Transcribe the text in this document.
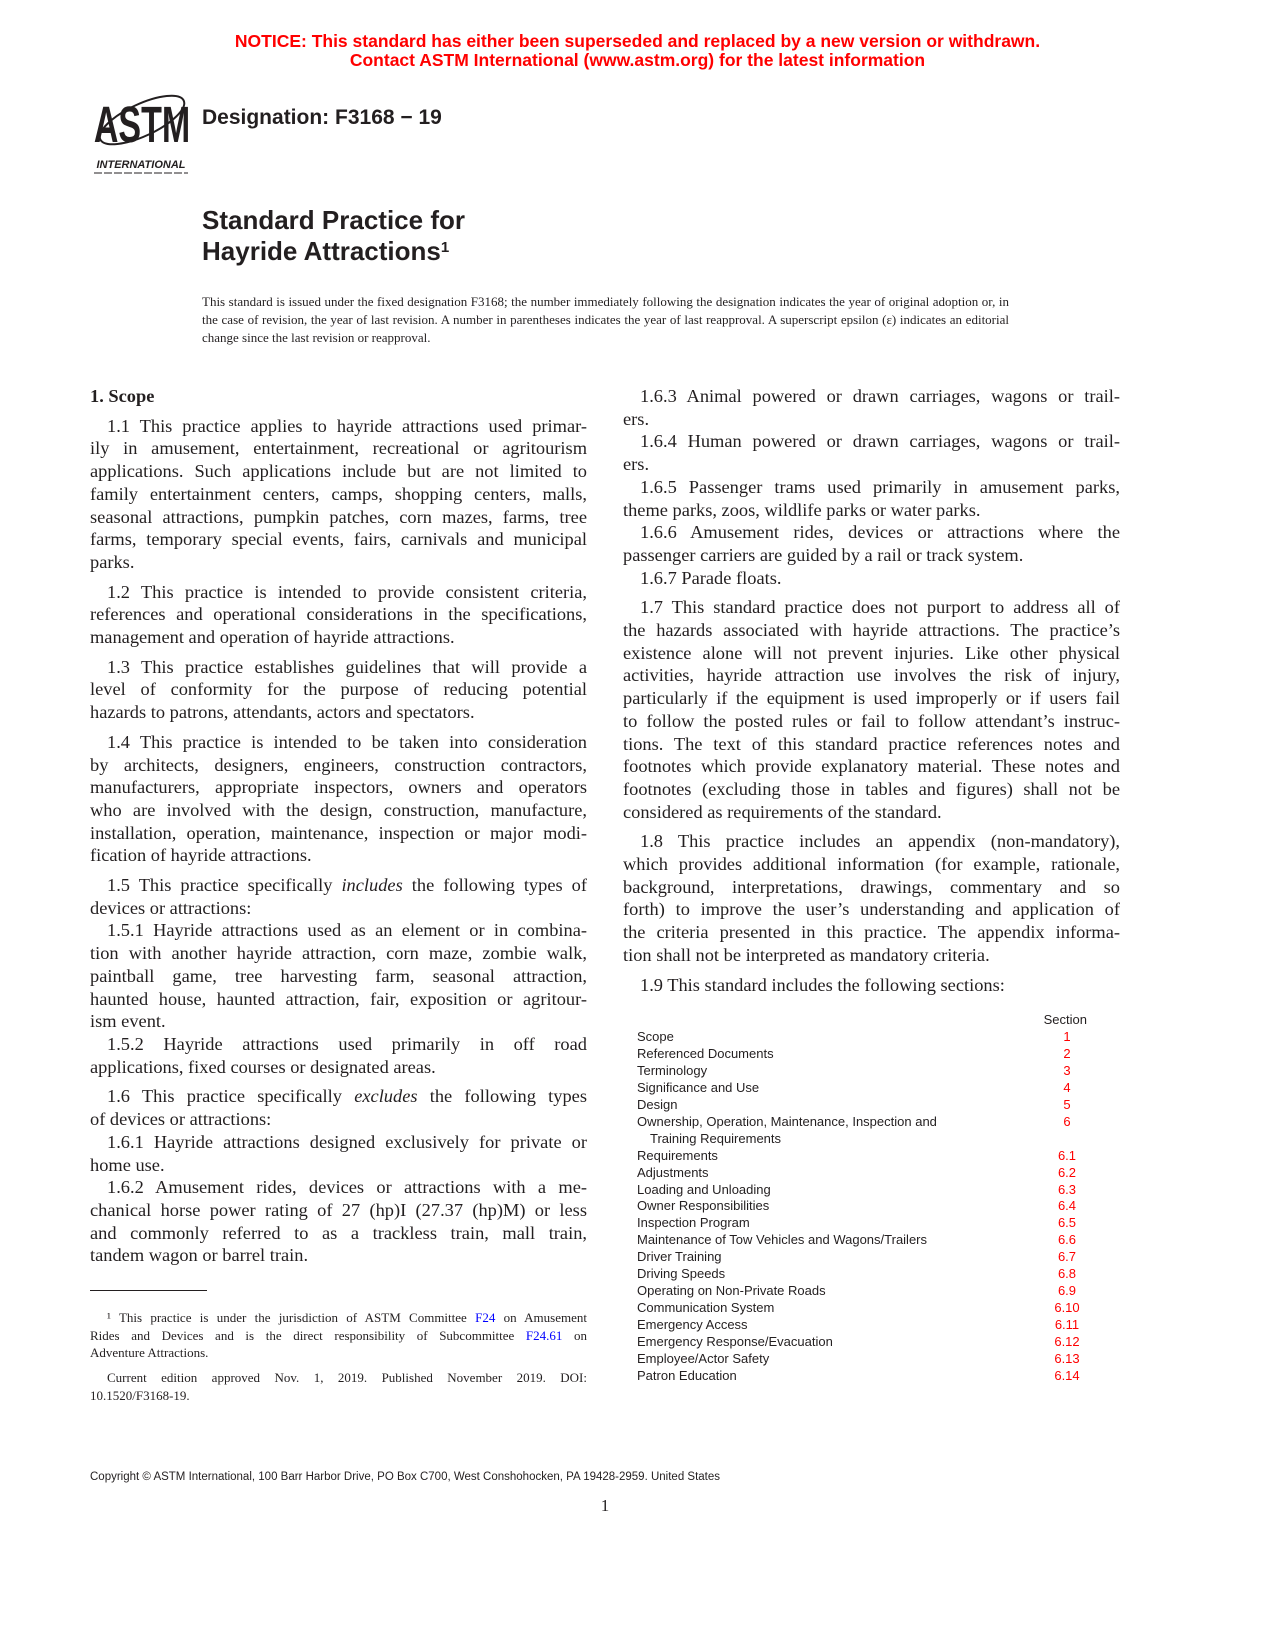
NOTICE: This standard has either been superseded and replaced by a new version or withdrawn.
Contact ASTM International (www.astm.org) for the latest information
ASTM
INTERNATIONAL
Designation: F3168 − 19
Standard Practice for
Hayride Attractions$^1$
This standard is issued under the fixed designation F3168; the number immediately following the designation indicates the year of original adoption or, in the case of revision, the year of last revision. A number in parentheses indicates the year of last reapproval. A superscript epsilon (ε) indicates an editorial change since the last revision or reapproval.
1. Scope
1.1 This practice applies to hayride attractions used primar-
ily in amusement, entertainment, recreational or agritourism
applications. Such applications include but are not limited to
family entertainment centers, camps, shopping centers, malls,
seasonal attractions, pumpkin patches, corn mazes, farms, tree
farms, temporary special events, fairs, carnivals and municipal
parks.
1.2 This practice is intended to provide consistent criteria,
references and operational considerations in the specifications,
management and operation of hayride attractions.
1.3 This practice establishes guidelines that will provide a
level of conformity for the purpose of reducing potential
hazards to patrons, attendants, actors and spectators.
1.4 This practice is intended to be taken into consideration
by architects, designers, engineers, construction contractors,
manufacturers, appropriate inspectors, owners and operators
who are involved with the design, construction, manufacture,
installation, operation, maintenance, inspection or major modi-
fication of hayride attractions.
1.5 This practice specifically includes the following types of
devices or attractions:
1.5.1 Hayride attractions used as an element or in combina-
tion with another hayride attraction, corn maze, zombie walk,
paintball game, tree harvesting farm, seasonal attraction,
haunted house, haunted attraction, fair, exposition or agritour-
ism event.
1.5.2 Hayride attractions used primarily in off road
applications, fixed courses or designated areas.
1.6 This practice specifically excludes the following types
of devices or attractions:
1.6.1 Hayride attractions designed exclusively for private or
home use.
1.6.2 Amusement rides, devices or attractions with a me-
chanical horse power rating of 27 (hp)I (27.37 (hp)M) or less
and commonly referred to as a trackless train, mall train,
tandem wagon or barrel train.
1.6.3 Animal powered or drawn carriages, wagons or trail-
ers.
1.6.4 Human powered or drawn carriages, wagons or trail-
ers.
1.6.5 Passenger trams used primarily in amusement parks,
theme parks, zoos, wildlife parks or water parks.
1.6.6 Amusement rides, devices or attractions where the
passenger carriers are guided by a rail or track system.
1.6.7 Parade floats.
1.7 This standard practice does not purport to address all of
the hazards associated with hayride attractions. The practice’s
existence alone will not prevent injuries. Like other physical
activities, hayride attraction use involves the risk of injury,
particularly if the equipment is used improperly or if users fail
to follow the posted rules or fail to follow attendant’s instruc-
tions. The text of this standard practice references notes and
footnotes which provide explanatory material. These notes and
footnotes (excluding those in tables and figures) shall not be
considered as requirements of the standard.
1.8 This practice includes an appendix (non-mandatory),
which provides additional information (for example, rationale,
background, interpretations, drawings, commentary and so
forth) to improve the user’s understanding and application of
the criteria presented in this practice. The appendix informa-
tion shall not be interpreted as mandatory criteria.
1.9 This standard includes the following sections:
Section
Scope	1
Referenced Documents	2
Terminology	3
Significance and Use	4
Design	5
Ownership, Operation, Maintenance, Inspection and	6
Training Requirements
Requirements	6.1
Adjustments	6.2
Loading and Unloading	6.3
Owner Responsibilities	6.4
Inspection Program	6.5
Maintenance of Tow Vehicles and Wagons/Trailers	6.6
Driver Training	6.7
Driving Speeds	6.8
Operating on Non-Private Roads	6.9
Communication System	6.10
Emergency Access	6.11
Emergency Response/Evacuation	6.12
Employee/Actor Safety	6.13
Patron Education	6.14
¹ This practice is under the jurisdiction of ASTM Committee F24 on Amusement
Rides and Devices and is the direct responsibility of Subcommittee F24.61 on
Adventure Attractions.
Current edition approved Nov. 1, 2019. Published November 2019. DOI:
10.1520/F3168-19.
Copyright © ASTM International, 100 Barr Harbor Drive, PO Box C700, West Conshohocken, PA 19428-2959. United States
1
